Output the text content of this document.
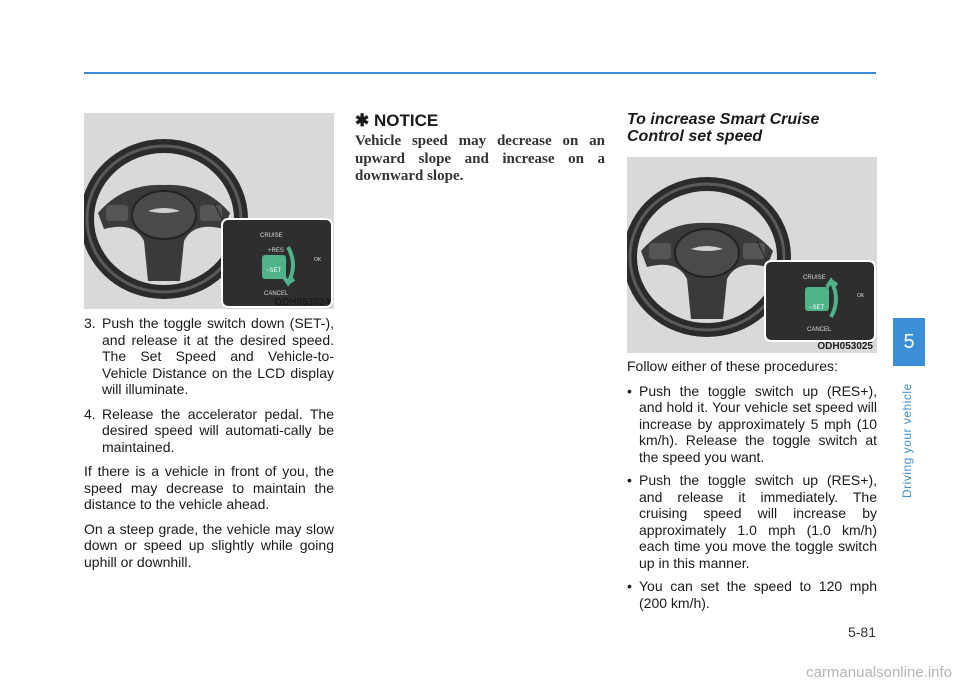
CRUISE
+RES
−SET
OK
CANCEL
ODH053024

3. Push the toggle switch down (SET-), and release it at the desired speed. The Set Speed and Vehicle-to-Vehicle Distance on the LCD display will illuminate.

4. Release the accelerator pedal. The desired speed will automati-cally be maintained.

If there is a vehicle in front of you, the speed may decrease to maintain the distance to the vehicle ahead.

On a steep grade, the vehicle may slow down or speed up slightly while going uphill or downhill.

✱ NOTICE
Vehicle speed may decrease on an upward slope and increase on a downward slope.
To increase Smart Cruise Control set speed
CRUISE
−SET
OK
CANCEL
ODH053025

Follow either of these procedures:

• Push the toggle switch up (RES+), and hold it. Your vehicle set speed will increase by approximately 5 mph (10 km/h). Release the toggle switch at the speed you want.
• Push the toggle switch up (RES+), and release it immediately. The cruising speed will increase by approximately 1.0 mph (1.0 km/h) each time you move the toggle switch up in this manner.
• You can set the speed to 120 mph (200 km/h).
5
Driving your vehicle
5-81
carmanualsonline.info
